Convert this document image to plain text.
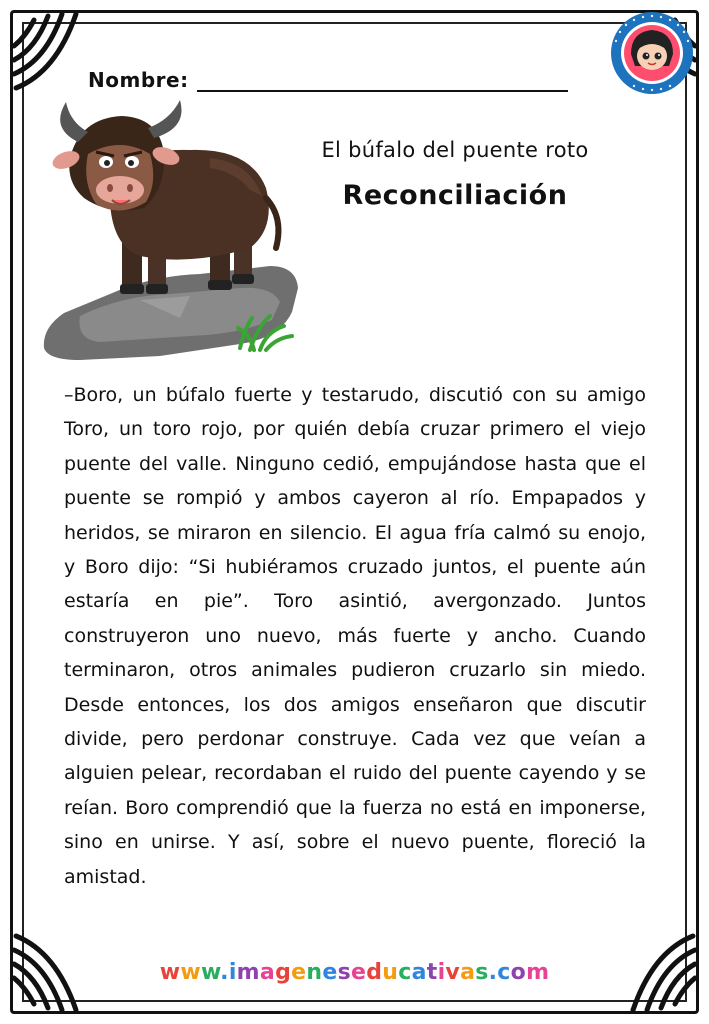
Nombre:

El búfalo del puente roto

Reconciliación

–Boro, un búfalo fuerte y testarudo, discutió con su amigo Toro, un toro rojo, por quién debía cruzar primero el viejo puente del valle. Ninguno cedió, empujándose hasta que el puente se rompió y ambos cayeron al río. Empapados y heridos, se miraron en silencio. El agua fría calmó su enojo, y Boro dijo: “Si hubiéramos cruzado juntos, el puente aún estaría en pie”. Toro asintió, avergonzado. Juntos construyeron uno nuevo, más fuerte y ancho. Cuando terminaron, otros animales pudieron cruzarlo sin miedo. Desde entonces, los dos amigos enseñaron que discutir divide, pero perdonar construye. Cada vez que veían a alguien pelear, recordaban el ruido del puente cayendo y se reían. Boro comprendió que la fuerza no está en imponerse, sino en unirse. Y así, sobre el nuevo puente, floreció la amistad.

www.imageneseducativas.com
